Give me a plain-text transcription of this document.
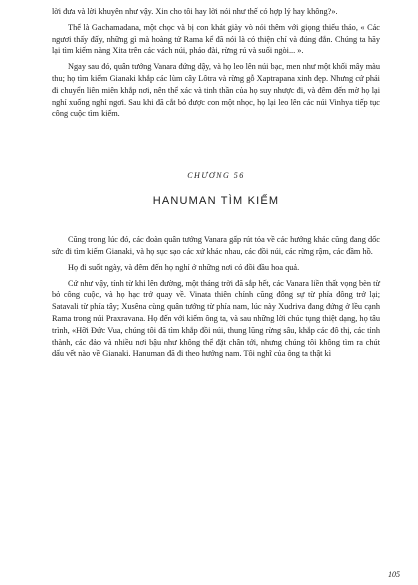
lời đưa và lời khuyên như vậy. Xin cho tôi hay lời nói như thế có hợp lý hay không?».

Thế là Gachamadana, một chọc và bị con khát giày vò nói thêm với giọng thiếu thảo, « Các ngươi thấy đấy, những gì mà hoàng tử Rama kể đã nói là có thiện chí và đúng đắn. Chúng ta hãy lại tìm kiếm nàng Xita trên các vách núi, pháo đài, rừng rú và suối ngòi... ».

Ngay sau đó, quân tướng Vanara đứng dậy, và họ leo lên núi bạc, men như một khối mây màu thu; họ tìm kiếm Gianaki khắp các lùm cây Lôtra và rừng gỗ Xaptrapana xinh đẹp. Nhưng cứ phải đi chuyển liên miên khắp nơi, nên thể xác và tinh thần của họ suy nhược đi, và đêm đến mờ họ lại nghỉ xuống nghỉ ngơi. Sau khi đã cắt bỏ được con một nhọc, họ lại leo lên các núi Vinhya tiếp tục công cuộc tìm kiếm.

CHƯƠNG 56
HANUMAN TÌM KIẾM

Cũng trong lúc đó, các đoàn quân tướng Vanara gấp rút tỏa về các hướng khác cũng đang dốc sức đi tìm kiếm Gianaki, và họ sục sạo các xứ khác nhau, các đồi núi, các rừng rậm, các đầm hồ.

Họ đi suốt ngày, và đêm đến họ nghỉ ở những nơi có đồi đầu hoa quả.

Cứ như vậy, tính từ khi lên đường, một tháng trời đã sắp hết, các Vanara liền thất vọng bèn từ bỏ công cuộc, và họ hạc trở quay về. Vinata thiên chỉnh cũng đông sự từ phía đông trở lại; Satavali từ phía tây; Xusêna cùng quân tướng từ phía nam, lúc này Xudriva đang đứng ở lều cạnh Rama trong núi Praxravana. Họ đến với kiếm ông ta, và sau những lời chúc tụng thiệt dạng, họ tâu trình, «Hỡi Đức Vua, chúng tôi đã tìm khắp đồi núi, thung lũng rừng sâu, khắp các đô thị, các tỉnh thành, các đảo và nhiều nơi bậu như không thể đặt chân tới, nhưng chúng tôi không tìm ra chút dấu vết nào về Gianaki. Hanuman đã đi theo hướng nam. Tôi nghĩ của ông ta thật kì

105
